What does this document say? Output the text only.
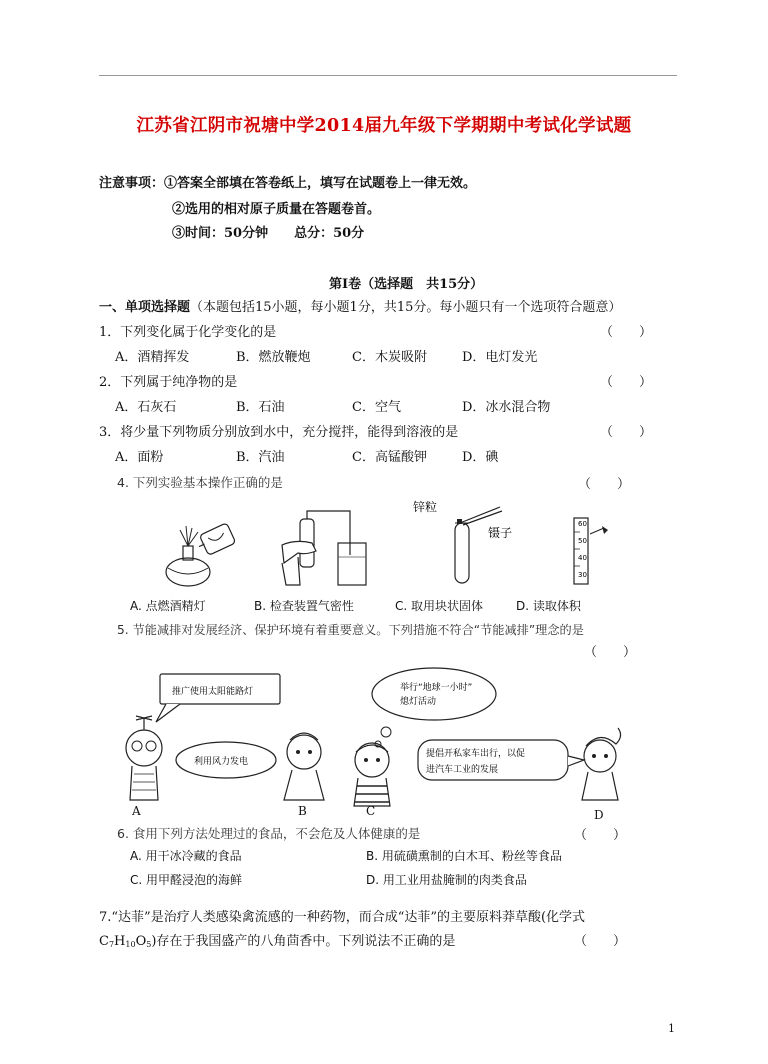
江苏省江阴市祝塘中学2014届九年级下学期期中考试化学试题
注意事项：①答案全部填在答卷纸上，填写在试题卷上一律无效。
②选用的相对原子质量在答题卷首。
③时间：50分钟　　总分：50分
第Ⅰ卷（选择题　共15分）
一、单项选择题（本题包括15小题，每小题1分，共15分。每小题只有一个选项符合题意）
1．下列变化属于化学变化的是	（　　）
A．酒精挥发	B．燃放鞭炮	C．木炭吸附	D．电灯发光
2．下列属于纯净物的是	（　　）
A．石灰石	B．石油	C．空气	D．冰水混合物
3．将少量下列物质分别放到水中，充分搅拌，能得到溶液的是	（　　）
A．面粉	B．汽油	C．高锰酸钾	D．碘
4. 下列实验基本操作正确的是	（　　）
锌粒
镊子
60
50
40
30
A. 点燃酒精灯	B. 检查装置气密性	C. 取用块状固体	D. 读取体积
5. 节能减排对发展经济、保护环境有着重要意义。下列措施不符合“节能减排”理念的是
（　　）
推广使用太阳能路灯
利用风力发电
举行“地球一小时”
熄灯活动
提倡开私家车出行，以促
进汽车工业的发展
A	B	C	D
6. 食用下列方法处理过的食品，不会危及人体健康的是	（　　）
A. 用干冰冷藏的食品	B. 用硫磺熏制的白木耳、粉丝等食品
C. 用甲醛浸泡的海鲜	D. 用工业用盐腌制的肉类食品
7.“达菲”是治疗人类感染禽流感的一种药物，而合成“达菲”的主要原料莽草酸(化学式
$C_7H_{10}O_5$)存在于我国盛产的八角茴香中。下列说法不正确的是	（　　）
1
